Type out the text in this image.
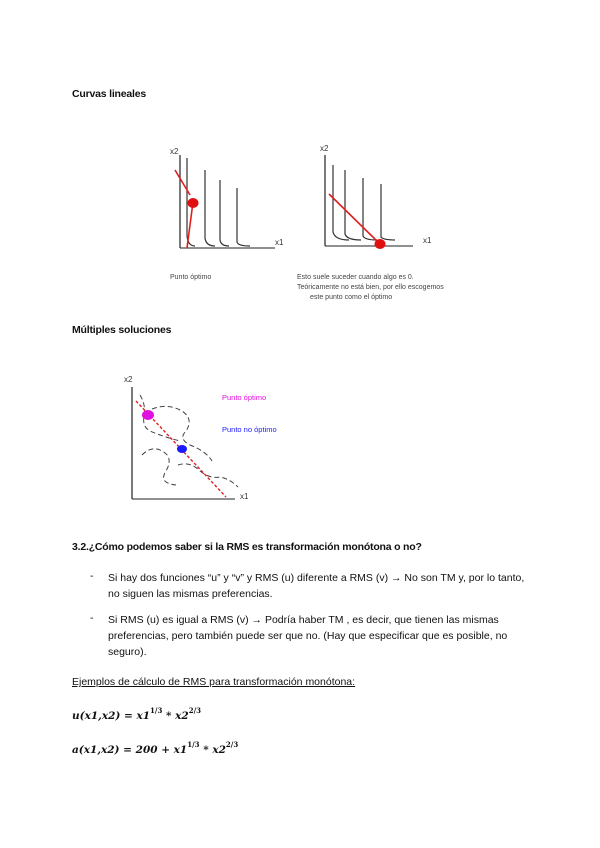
Curvas lineales
x2
x1
Punto óptimo
x2
x1
Esto suele suceder cuando algo es 0.
Teóricamente no está bien, por ello escogemos
este punto como el óptimo
Múltiples soluciones
x2
x1
Punto óptimo
Punto no óptimo
3.2.¿Cómo podemos saber si la RMS es transformación monótona o no?
- Si hay dos funciones “u” y “v” y RMS (u) diferente a RMS (v) → No son TM y, por lo tanto, no siguen las mismas preferencias.
- Si RMS (u) es igual a RMS (v) → Podría haber TM , es decir, que tienen las mismas preferencias, pero también puede ser que no. (Hay que especificar que es posible, no seguro).
Ejemplos de cálculo de RMS para transformación monótona:
$u(x1,x2) = x1^{1/3} * x2^{2/3}$
$a(x1,x2) = 200 + x1^{1/3} * x2^{2/3}$
